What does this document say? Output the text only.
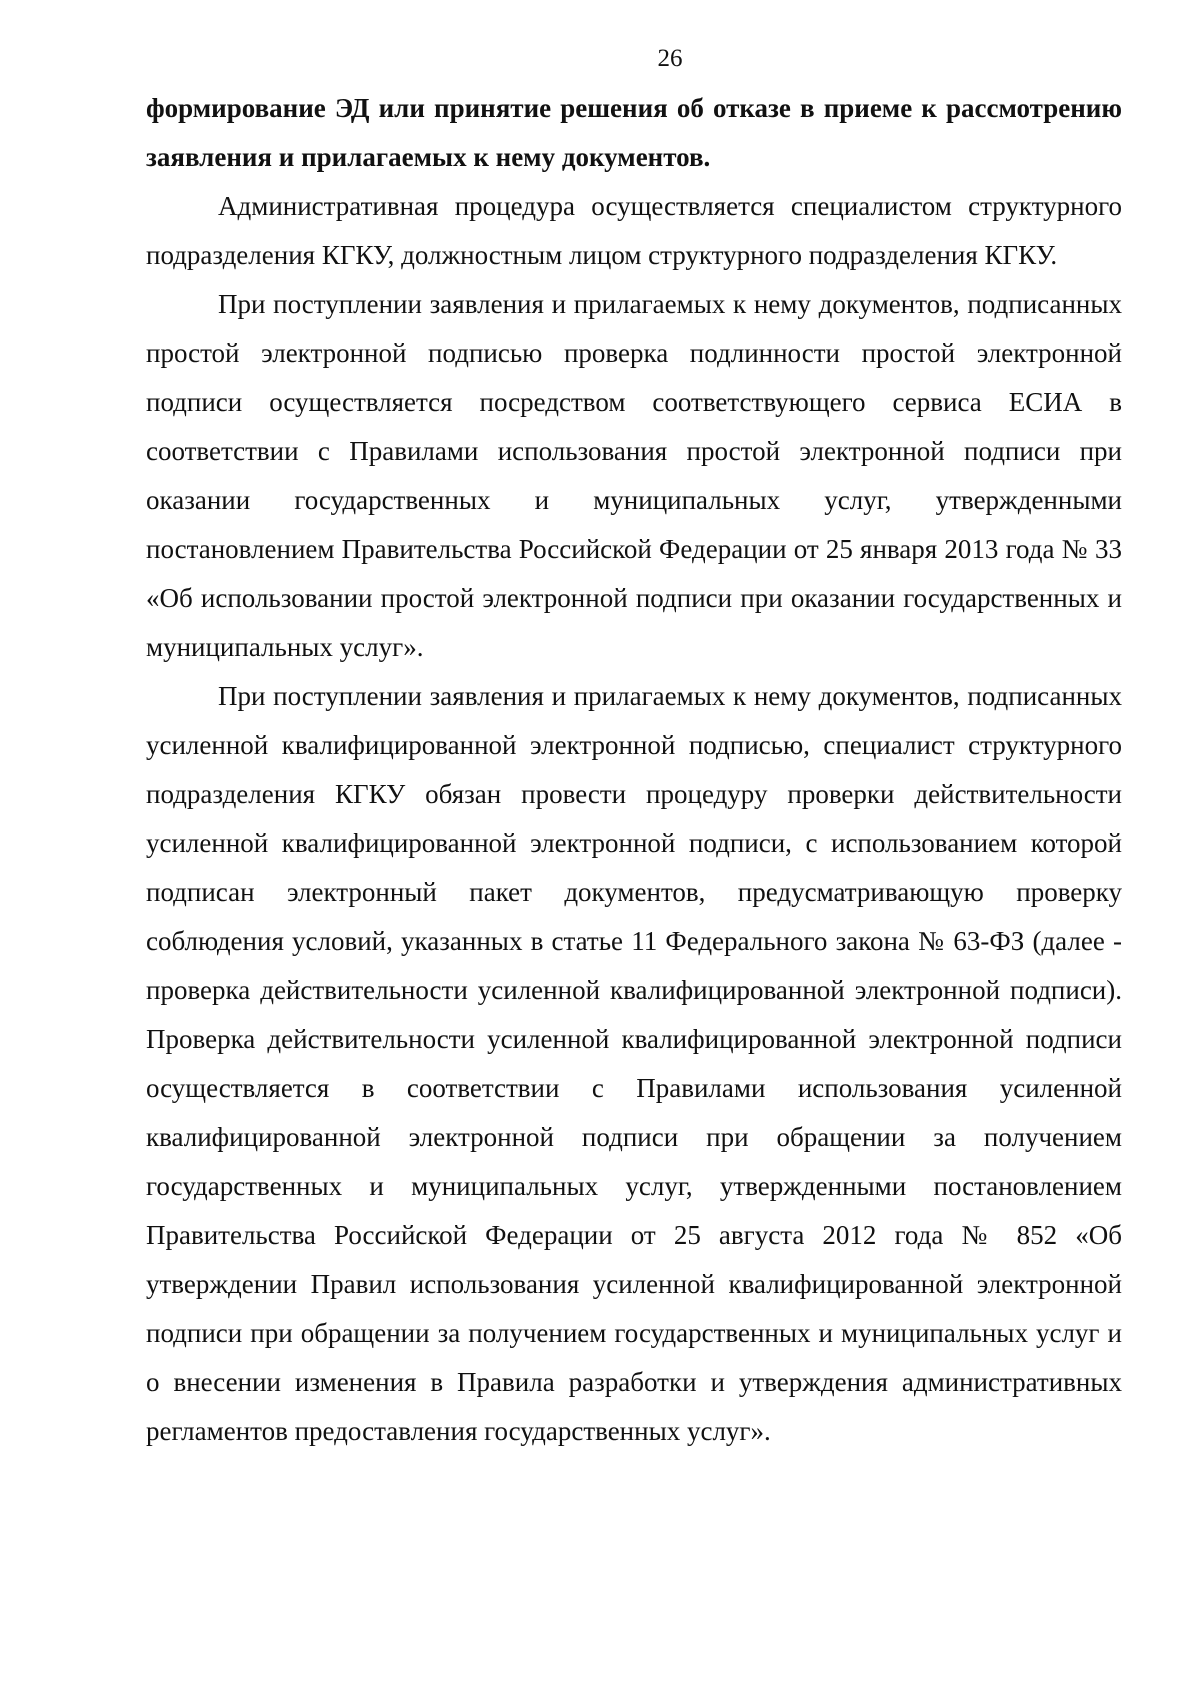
26

формирование ЭД или принятие решения об отказе в приеме к рассмотрению заявления и прилагаемых к нему документов.

Административная процедура осуществляется специалистом структурного подразделения КГКУ, должностным лицом структурного подразделения КГКУ.

При поступлении заявления и прилагаемых к нему документов, подписанных простой электронной подписью проверка подлинности простой электронной подписи осуществляется посредством соответствующего сервиса ЕСИА в соответствии с Правилами использования простой электронной подписи при оказании государственных и муниципальных услуг, утвержденными постановлением Правительства Российской Федерации от 25 января 2013 года № 33 «Об использовании простой электронной подписи при оказании государственных и муниципальных услуг».

При поступлении заявления и прилагаемых к нему документов, подписанных усиленной квалифицированной электронной подписью, специалист структурного подразделения КГКУ обязан провести процедуру проверки действительности усиленной квалифицированной электронной подписи, с использованием которой подписан электронный пакет документов, предусматривающую проверку соблюдения условий, указанных в статье 11 Федерального закона № 63-ФЗ (далее - проверка действительности усиленной квалифицированной электронной подписи). Проверка действительности усиленной квалифицированной электронной подписи осуществляется в соответствии с Правилами использования усиленной квалифицированной электронной подписи при обращении за получением государственных и муниципальных услуг, утвержденными постановлением Правительства Российской Федерации от 25 августа 2012 года № 852 «Об утверждении Правил использования усиленной квалифицированной электронной подписи при обращении за получением государственных и муниципальных услуг и о внесении изменения в Правила разработки и утверждения административных регламентов предоставления государственных услуг».
